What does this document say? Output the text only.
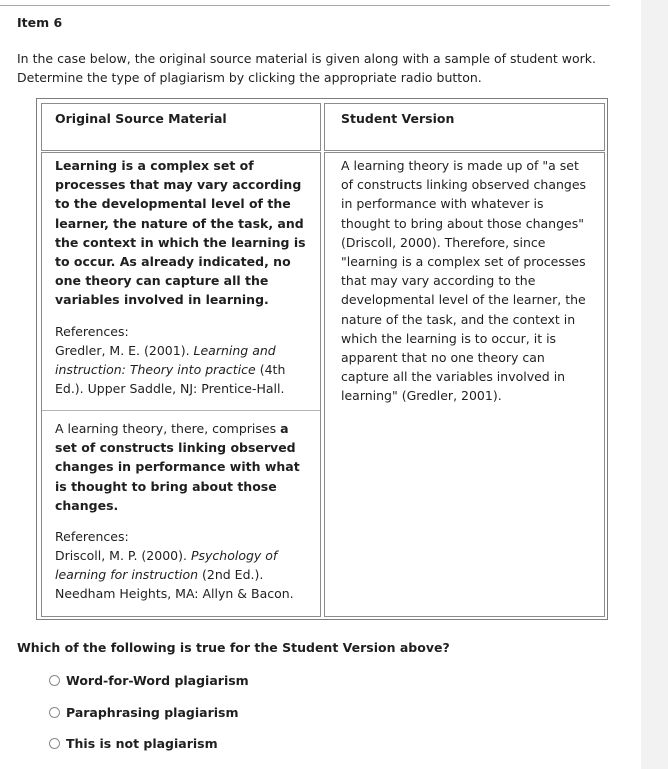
Item 6
In the case below, the original source material is given along with a sample of student work. Determine the type of plagiarism by clicking the appropriate radio button.
Original Source Material	Student Version
Learning is a complex set of processes that may vary according to the developmental level of the learner, the nature of the task, and the context in which the learning is to occur. As already indicated, no one theory can capture all the variables involved in learning.
References:
Gredler, M. E. (2001). Learning and instruction: Theory into practice (4th Ed.). Upper Saddle, NJ: Prentice-Hall.
A learning theory, there, comprises a set of constructs linking observed changes in performance with what is thought to bring about those changes.
References:
Driscoll, M. P. (2000). Psychology of learning for instruction (2nd Ed.). Needham Heights, MA: Allyn & Bacon.
A learning theory is made up of "a set of constructs linking observed changes in performance with whatever is thought to bring about those changes" (Driscoll, 2000). Therefore, since "learning is a complex set of processes that may vary according to the developmental level of the learner, the nature of the task, and the context in which the learning is to occur, it is apparent that no one theory can capture all the variables involved in learning" (Gredler, 2001).
Which of the following is true for the Student Version above?
Word-for-Word plagiarism
Paraphrasing plagiarism
This is not plagiarism
